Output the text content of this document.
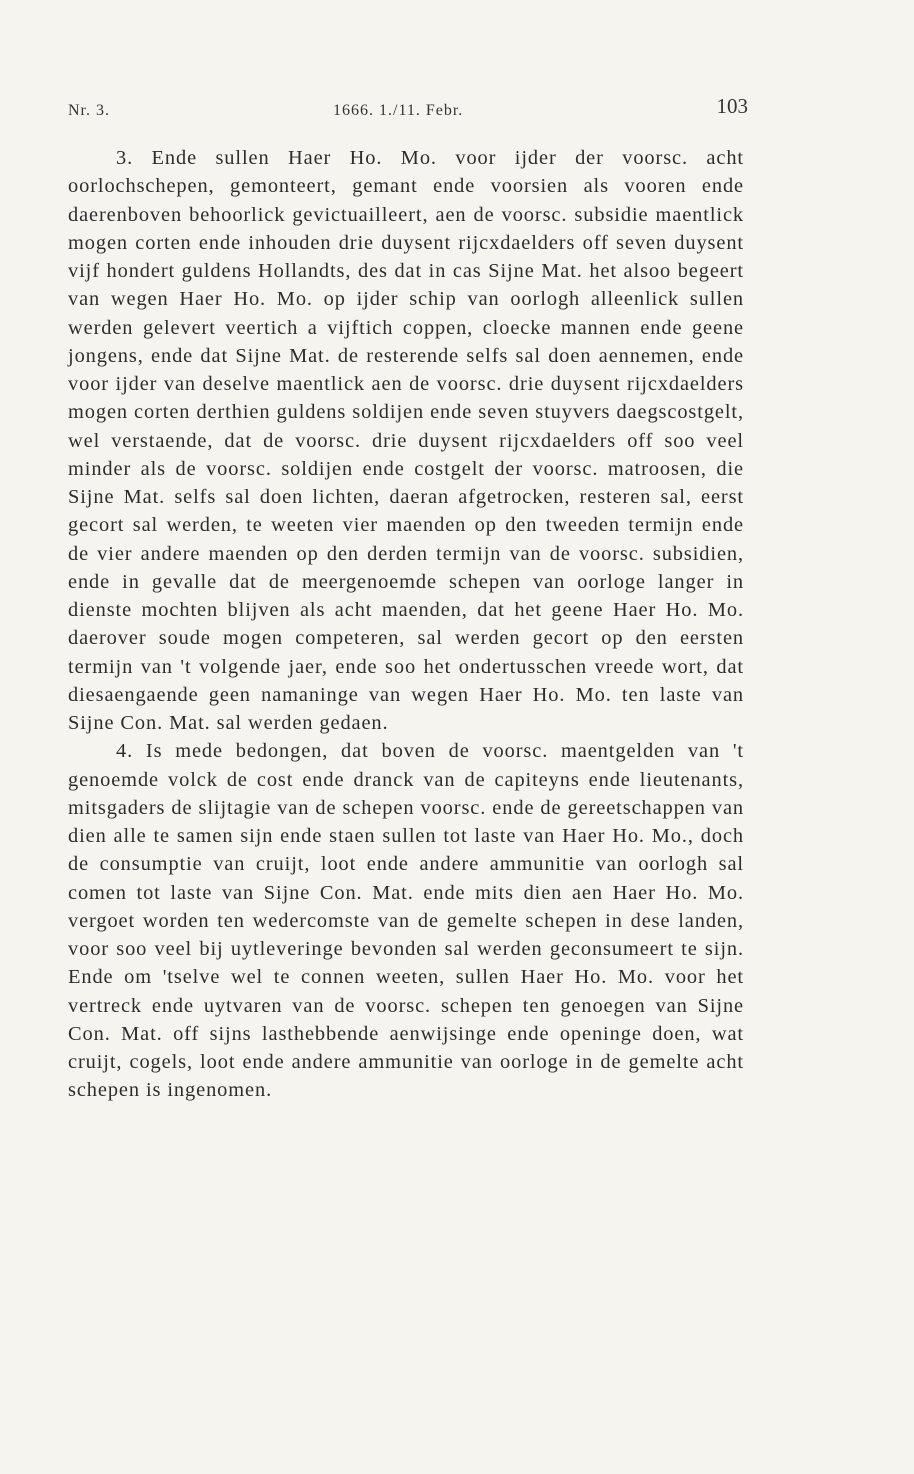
Nr. 3.	1666. 1./11. Febr.	103

3. Ende sullen Haer Ho. Mo. voor ijder der voorsc. acht oorlochschepen, gemonteert, gemant ende voorsien als vooren ende daerenboven behoorlick gevictuailleert, aen de voorsc. subsidie maentlick mogen corten ende inhouden drie duysent rijcxdaelders off seven duysent vijf hondert guldens Hollandts, des dat in cas Sijne Mat. het alsoo begeert van wegen Haer Ho. Mo. op ijder schip van oorlogh alleenlick sullen werden gelevert veertich a vijftich coppen, cloecke mannen ende geene jongens, ende dat Sijne Mat. de resterende selfs sal doen aennemen, ende voor ijder van deselve maentlick aen de voorsc. drie duysent rijcxdaelders mogen corten derthien guldens soldijen ende seven stuyvers daegscostgelt, wel verstaende, dat de voorsc. drie duysent rijcxdaelders off soo veel minder als de voorsc. soldijen ende costgelt der voorsc. matroosen, die Sijne Mat. selfs sal doen lichten, daeran afgetrocken, resteren sal, eerst gecort sal werden, te weeten vier maenden op den tweeden termijn ende de vier andere maenden op den derden termijn van de voorsc. subsidien, ende in gevalle dat de meergenoemde schepen van oorloge langer in dienste mochten blijven als acht maenden, dat het geene Haer Ho. Mo. daerover soude mogen competeren, sal werden gecort op den eersten termijn van 't volgende jaer, ende soo het ondertusschen vreede wort, dat diesaengaende geen namaninge van wegen Haer Ho. Mo. ten laste van Sijne Con. Mat. sal werden gedaen.

4. Is mede bedongen, dat boven de voorsc. maentgelden van 't genoemde volck de cost ende dranck van de capiteyns ende lieutenants, mitsgaders de slijtagie van de schepen voorsc. ende de gereetschappen van dien alle te samen sijn ende staen sullen tot laste van Haer Ho. Mo., doch de consumptie van cruijt, loot ende andere ammunitie van oorlogh sal comen tot laste van Sijne Con. Mat. ende mits dien aen Haer Ho. Mo. vergoet worden ten wedercomste van de gemelte schepen in dese landen, voor soo veel bij uytleveringe bevonden sal werden geconsumeert te sijn. Ende om 'tselve wel te connen weeten, sullen Haer Ho. Mo. voor het vertreck ende uytvaren van de voorsc. schepen ten genoegen van Sijne Con. Mat. off sijns lasthebbende aenwijsinge ende openinge doen, wat cruijt, cogels, loot ende andere ammunitie van oorloge in de gemelte acht schepen is ingenomen.
